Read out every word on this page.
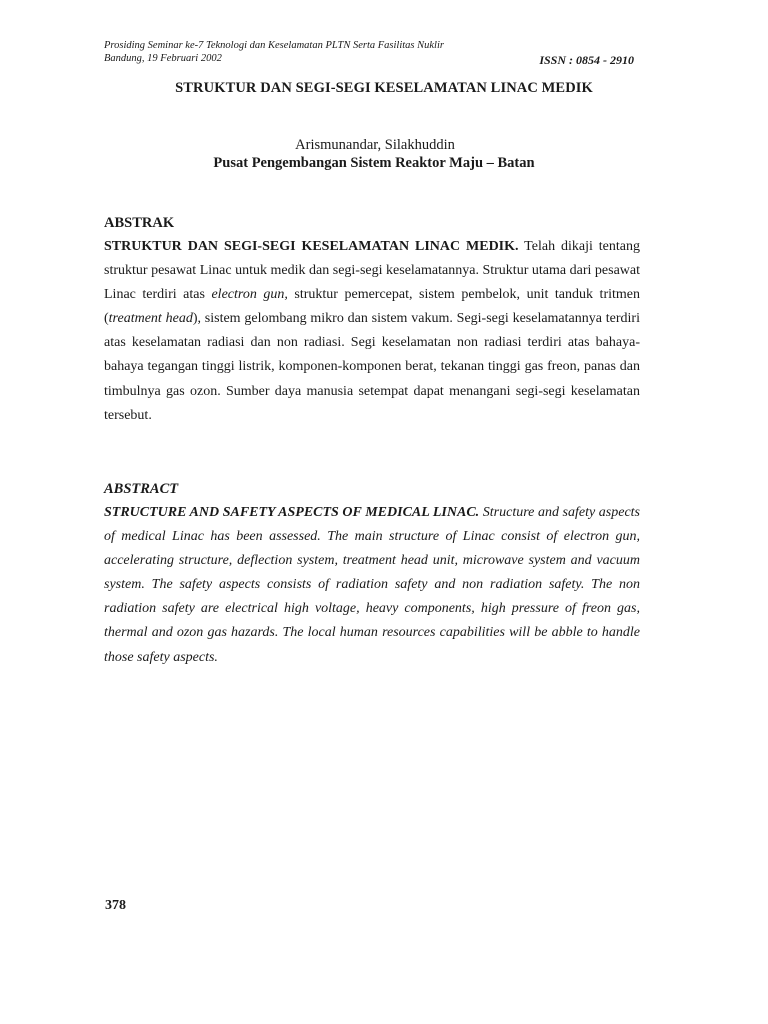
Prosiding Seminar ke-7 Teknologi dan Keselamatan PLTN Serta Fasilitas Nuklir
Bandung, 19 Februari 2002	ISSN : 0854 - 2910
STRUKTUR DAN SEGI-SEGI KESELAMATAN LINAC MEDIK
Arismunandar, Silakhuddin
Pusat Pengembangan Sistem Reaktor Maju – Batan
ABSTRAK

STRUKTUR DAN SEGI-SEGI KESELAMATAN LINAC MEDIK. Telah dikaji tentang struktur pesawat Linac untuk medik dan segi-segi keselamatannya. Struktur utama dari pesawat Linac terdiri atas electron gun, struktur pemercepat, sistem pembelok, unit tanduk tritmen (treatment head), sistem gelombang mikro dan sistem vakum. Segi-segi keselamatannya terdiri atas keselamatan radiasi dan non radiasi. Segi keselamatan non radiasi terdiri atas bahaya-bahaya tegangan tinggi listrik, komponen-komponen berat, tekanan tinggi gas freon, panas dan timbulnya gas ozon. Sumber daya manusia setempat dapat menangani segi-segi keselamatan tersebut.

ABSTRACT

STRUCTURE AND SAFETY ASPECTS OF MEDICAL LINAC. Structure and safety aspects of medical Linac has been assessed. The main structure of Linac consist of electron gun, accelerating structure, deflection system, treatment head unit, microwave system and vacuum system. The safety aspects consists of radiation safety and non radiation safety. The non radiation safety are electrical high voltage, heavy components, high pressure of freon gas, thermal and ozon gas hazards. The local human resources capabilities will be abble to handle those safety aspects.

378
